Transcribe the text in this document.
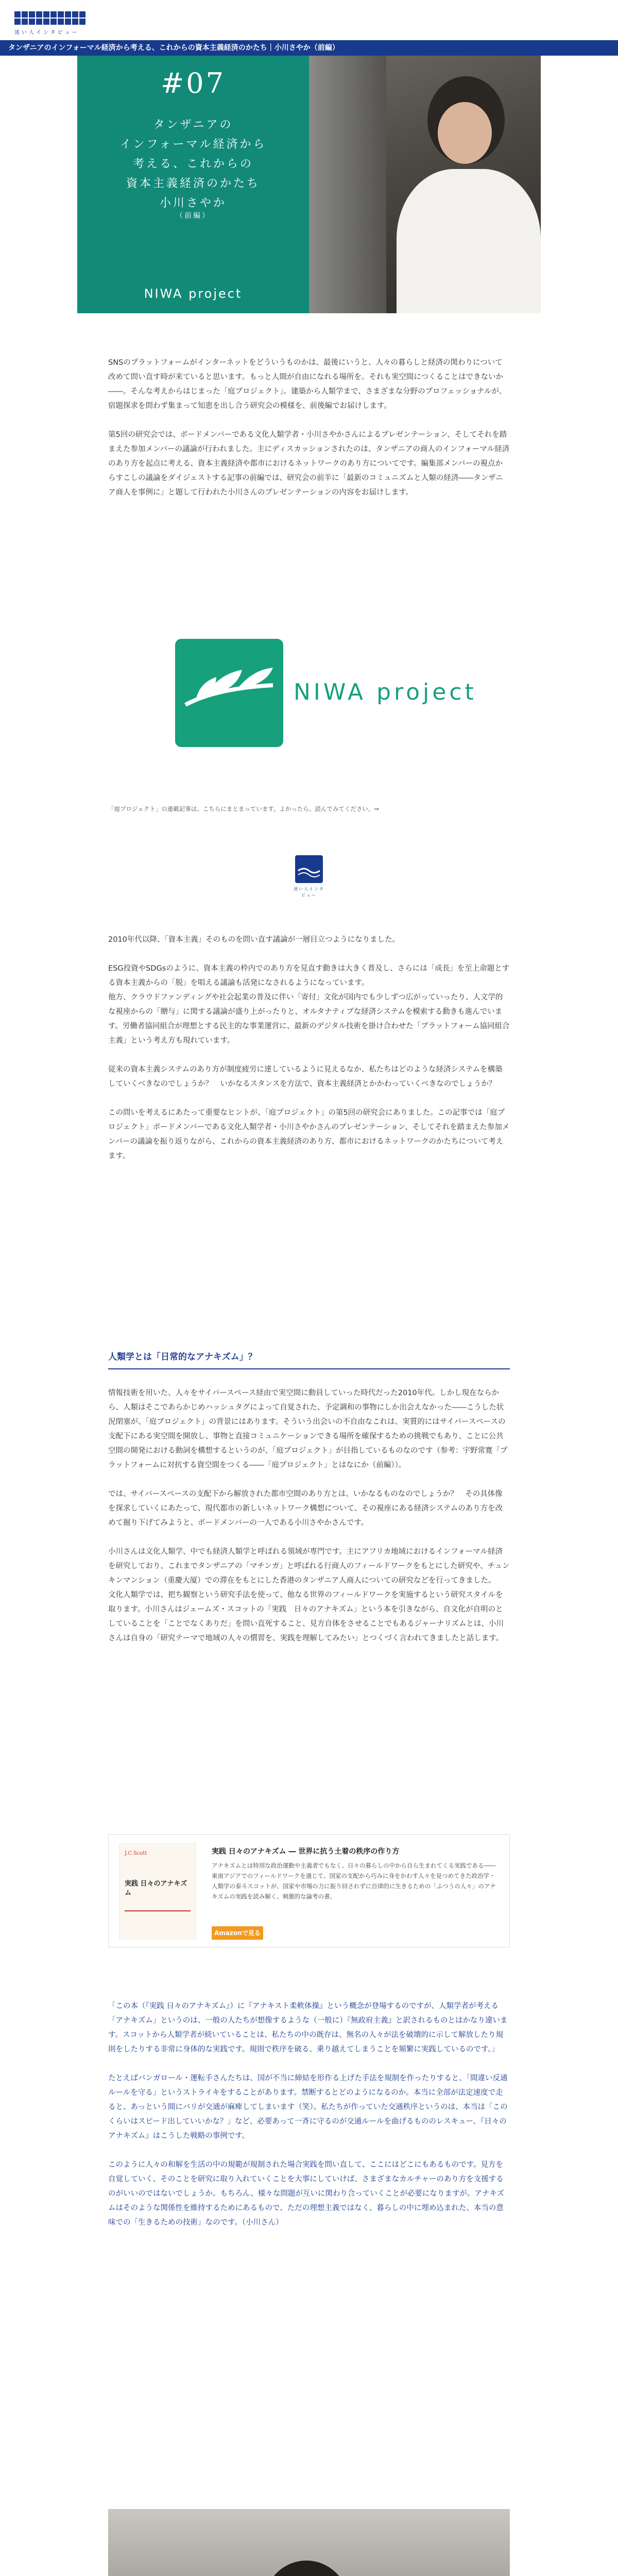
迷い人インタビュー
タンザニアのインフォーマル経済から考える、これからの資本主義経済のかたち｜小川さやか（前編）
#07
タンザニアの
インフォーマル経済から
考える、これからの
資本主義経済のかたち
小川さやか
（前編）
NIWA project

SNSのプラットフォームがインターネットをどういうものかは、最後にいうと、人々の暮らしと経済の関わりについて改めて問い直す時が来ていると思います。もっと人間が自由になれる場所を。それも実空間につくることはできないか――。そんな考えからはじまった「庭プロジェクト」。建築から人類学まで、さまざまな分野のプロフェッショナルが、宿題探求を問わず集まって知恵を出し合う研究会の模様を、前後編でお届けします。

第5回の研究会では、ボードメンバーである文化人類学者・小川さやかさんによるプレゼンテーション、そしてそれを踏まえた参加メンバーの議論が行われました。主にディスカッションされたのは、タンザニアの商人のインフォーマル経済のあり方を起点に考える、資本主義経済や都市におけるネットワークのあり方についてです。編集部メンバーの視点からすこしの議論をダイジェストする記事の前編では、研究会の前半に「最新のコミュニズムと人類の経済――タンザニア商人を事例に」と題して行われた小川さんのプレゼンテーションの内容をお届けします。

NIWA project
「庭プロジェクト」の連載記事は、こちらにまとまっています。よかったら、読んでみてください。⇒
迷い人インタビュー

2010年代以降、「資本主義」そのものを問い直す議論が一層目立つようになりました。

ESG投資やSDGsのように、資本主義の枠内でのあり方を見直す動きは大きく普及し、さらには「成長」を至上命題とする資本主義からの「脱」を唱える議論も活発になされるようになっています。

他方、クラウドファンディングや社会起業の普及に伴い「寄付」文化が国内でも少しずつ広がっていったり、人文学的な視座からの「贈与」に関する議論が盛り上がったりと、オルタナティブな経済システムを模索する動きも進んでいます。労働者協同組合が理想とする民主的な事業運営に、最新のデジタル技術を掛け合わせた「プラットフォーム協同組合主義」という考え方も現れています。

従来の資本主義システムのあり方が制度疲労に達しているように見えるなか、私たちはどのような経済システムを構築していくべきなのでしょうか？　いかなるスタンスを方法で、資本主義経済とかかわっていくべきなのでしょうか？

この問いを考えるにあたって重要なヒントが、「庭プロジェクト」の第5回の研究会にありました。この記事では「庭プロジェクト」ボードメンバーである文化人類学者・小川さやかさんのプレゼンテーション、そしてそれを踏まえた参加メンバーの議論を振り返りながら、これからの資本主義経済のあり方、都市におけるネットワークのかたちについて考えます。

人類学とは「日常的なアナキズム」？

情報技術を用いた、人々をサイバースペース経由で実空間に動員していった時代だった2010年代。しかし現在ならから、人類はそこであらかじめハッシュタグによって自覚された、予定調和の事物にしか出会えなかった――こうした状況閉塞が、「庭プロジェクト」の背景にはあります。そういう出会いの不自由なこれは、実質的にはサイバースペースの支配下にある実空間を開放し、事物と直接コミュニケーションできる場所を確保するための挑戦でもあり、ことに公共空間の開発における動詞を構想するというのが、「庭プロジェクト」が目指しているものなのです（参考：宇野常寛「プラットフォームに対抗する資空間をつくる――「庭プロジェクト」とはなにか（前編））。

では、サイバースペースの支配下から解放された都市空間のあり方とは、いかなるものなのでしょうか？　その具体像を探求していくにあたって、現代都市の新しいネットワーク構想について、その視座にある経済システムのあり方を改めて掘り下げてみようと、ボードメンバーの一人である小川さやかさんです。

小川さんは文化人類学、中でも経済人類学と呼ばれる領域が専門です。主にアフリカ地域におけるインフォーマル経済を研究しており、これまでタンザニアの「マチンガ」と呼ばれる行商人のフィールドワークをもとにした研究や、チュンキンマンション（重慶大厦）での滞在をもとにした香港のタンザニア人商人についての研究などを行ってきました。

文化人類学では、把ち観察という研究手法を使って、他なる世界のフィールドワークを実施するという研究スタイルを取ります。小川さんはジェームズ・スコットの「実践　日々のアナキズム」という本を引きながら、自文化が自明のとしていることを「ことでなくありだ」を問い直死すること、見方自体をさせることでもあるジャーナリズムとは、小川さんは自身の「研究テーマで地域の人々の慣習を、実践を理解してみたい」とつくづく言われてきましたと話します。

J.C.Scott
実践 日々のアナキズム
実践 日々のアナキズム ― 世界に抗う土着の秩序の作り方
アナキズムとは特別な政治運動や主義者でもなく、日々の暮らしの中から自ら生まれてくる実践である――東南アジアでのフィールドワークを通じて、国家の支配から巧みに身をかわす人々を見つめてきた政治学・人類学の泰斗スコットが、国家や市場の力に振り回されずに自律的に生きるための「ふつうの人々」のアナキズムの実践を読み解く、刺激的な論考の書。
Amazonで見る

「この本（『実践 日々のアナキズム』）に『アナキスト柔軟体操』という概念が登場するのですが、人類学者が考える「アナキズム」というのは、一般の人たちが想像するような（一般に）『無政府主義』と訳されるものとはかなり違います。スコットから人類学者が続いていることは、私たちの中の既存は、無名の人々が法を破壊的に示して解放したり規則をしたりする非常に身体的な実践です。規則で秩序を破る、乗り越えてしまうことを頻繁に実践しているのです。」

たとえばバンガロール・運転手さんたちは、国が不当に締結を形作る上げた手法を規制を作ったりすると、「間違い反通ルールを守る」というストライキをすることがあります。禁断するとどのようになるのか。本当に全部が法定速度で走ると、あっという間にバリが交通が麻痺してしまいます（笑）。私たちが作っていた交通秩序というのは、本当は「このくらいはスピード出していいかな？」など、必要あって一斉に守るのが交通ルールを曲げるもののレスキュー、『日々のアナキズム』はこうした戦略の事例です。

このように人々の和解を生活の中の規範が規制された場合実践を問い直して、ここにはどこにもあるものです。見方を自覚していく、そのことを研究に取り入れていくことを大事にしていけば、さまざまなカルチャーのあり方を支援するのがいいのではないでしょうか。もちろん、様々な問題が互いに関わり合っていくことが必要になりますが。アナキズムはそのような関係性を維持するためにあるもので、ただの理想主義ではなく、暮らしの中に埋め込まれた、本当の意味での「生きるための技術」なのです。（小川さん）
